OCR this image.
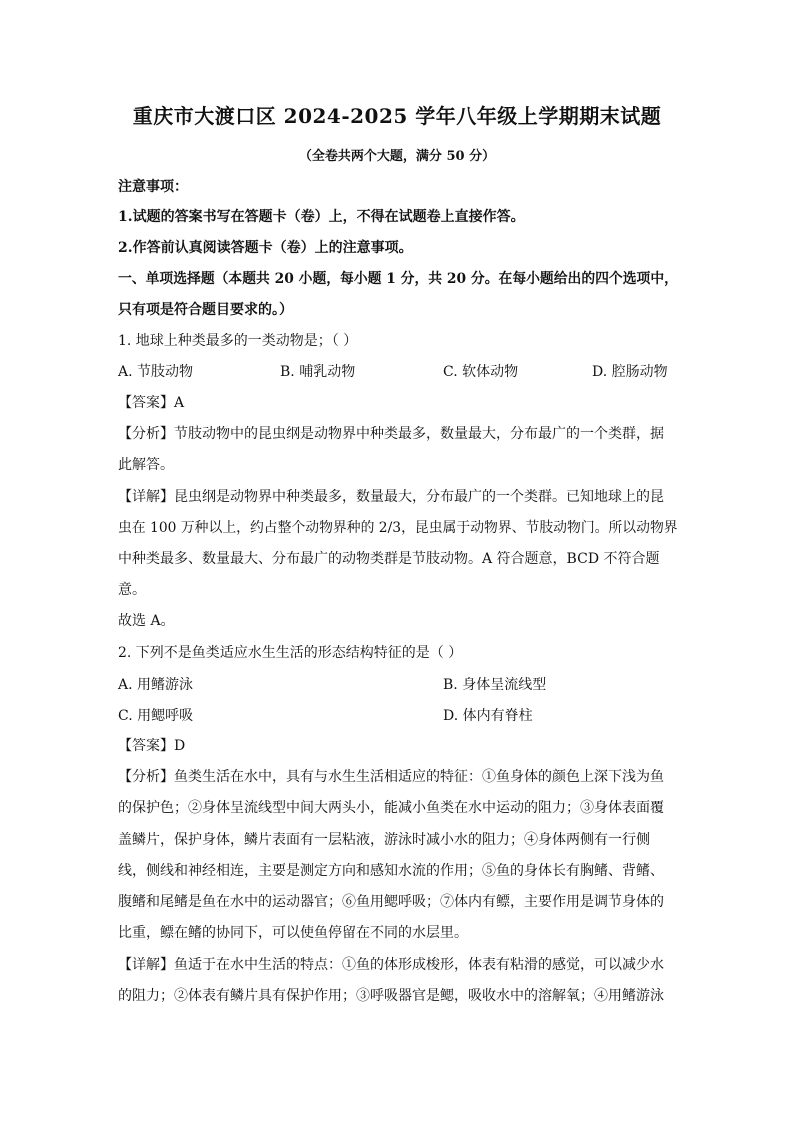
重庆市大渡口区 2024-2025 学年八年级上学期期末试题
（全卷共两个大题，满分 50 分）
注意事项：
1.试题的答案书写在答题卡（卷）上，不得在试题卷上直接作答。
2.作答前认真阅读答题卡（卷）上的注意事项。
一、单项选择题（本题共 20 小题，每小题 1 分，共 20 分。在每小题给出的四个选项中，
只有项是符合题目要求的。）
1. 地球上种类最多的一类动物是；（ ）
A. 节肢动物	B. 哺乳动物	C. 软体动物	D. 腔肠动物
【答案】A
【分析】节肢动物中的昆虫纲是动物界中种类最多，数量最大，分布最广的一个类群，据
此解答。
【详解】昆虫纲是动物界中种类最多，数量最大，分布最广的一个类群。已知地球上的昆
虫在 100 万种以上，约占整个动物界种的 2/3，昆虫属于动物界、节肢动物门。所以动物界
中种类最多、数量最大、分布最广的动物类群是节肢动物。A 符合题意，BCD 不符合题
意。
故选 A。
2. 下列不是鱼类适应水生生活的形态结构特征的是（ ）
A. 用鳍游泳	B. 身体呈流线型
C. 用鳃呼吸	D. 体内有脊柱
【答案】D
【分析】鱼类生活在水中，具有与水生生活相适应的特征：①鱼身体的颜色上深下浅为鱼
的保护色；②身体呈流线型中间大两头小，能减小鱼类在水中运动的阻力；③身体表面覆
盖鳞片，保护身体，鳞片表面有一层粘液，游泳时减小水的阻力；④身体两侧有一行侧
线，侧线和神经相连，主要是测定方向和感知水流的作用；⑤鱼的身体长有胸鳍、背鳍、
腹鳍和尾鳍是鱼在水中的运动器官；⑥鱼用鳃呼吸；⑦体内有鳔，主要作用是调节身体的
比重，鳔在鳍的协同下，可以使鱼停留在不同的水层里。
【详解】鱼适于在水中生活的特点：①鱼的体形成梭形，体表有粘滑的感觉，可以减少水
的阻力；②体表有鳞片具有保护作用；③呼吸器官是鳃，吸收水中的溶解氧；④用鳍游泳
